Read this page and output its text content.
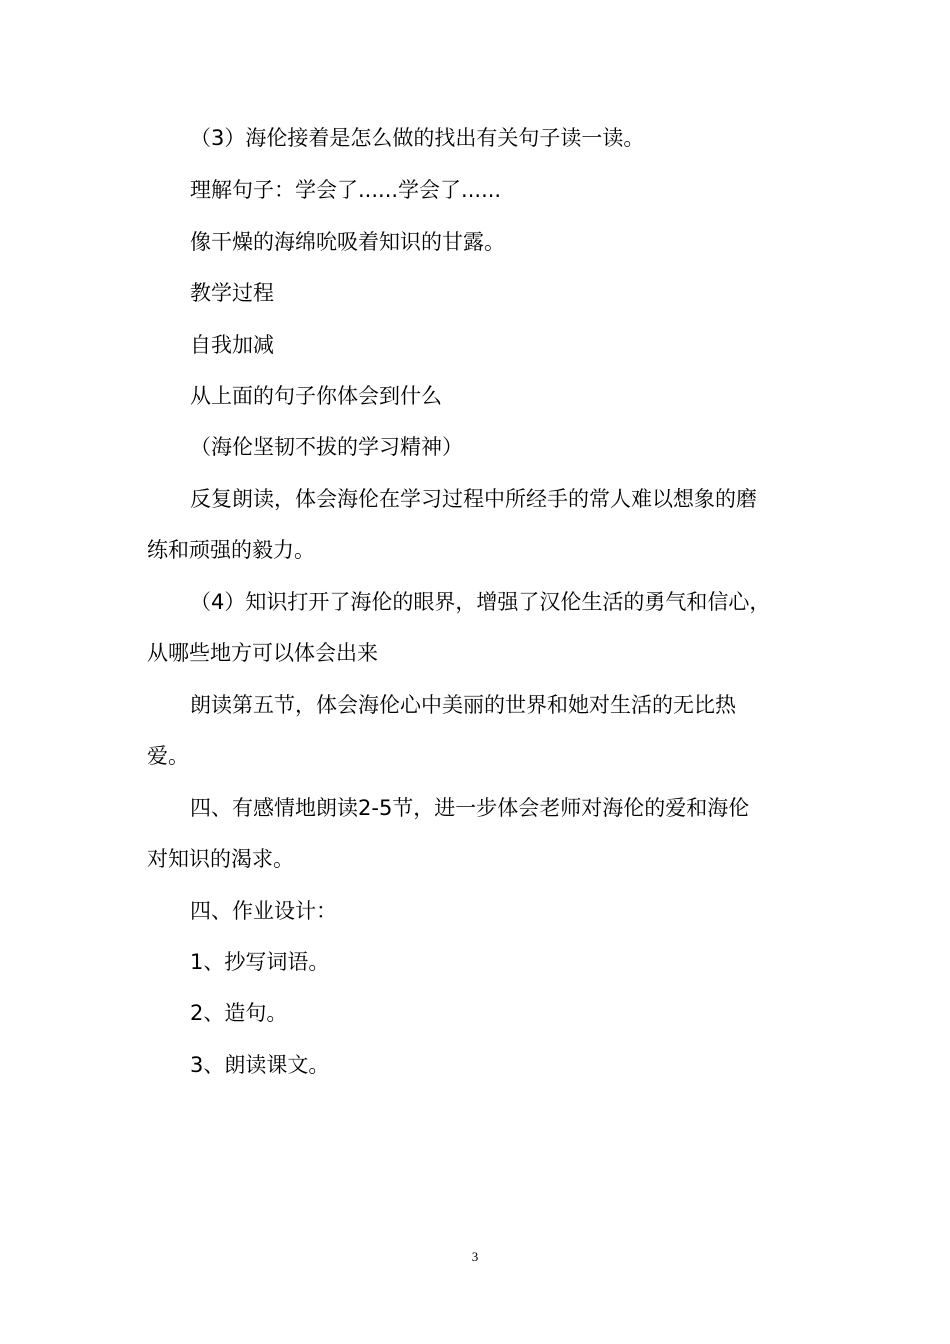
（3）海伦接着是怎么做的找出有关句子读一读。
理解句子：学会了......学会了......
像干燥的海绵吮吸着知识的甘露。
教学过程
自我加减
从上面的句子你体会到什么
（海伦坚韧不拔的学习精神）
反复朗读，体会海伦在学习过程中所经手的常人难以想象的磨
练和顽强的毅力。
（4）知识打开了海伦的眼界，增强了汉伦生活的勇气和信心，
从哪些地方可以体会出来
朗读第五节，体会海伦心中美丽的世界和她对生活的无比热
爱。
四、有感情地朗读2-5节，进一步体会老师对海伦的爱和海伦
对知识的渴求。
四、作业设计：
1、抄写词语。
2、造句。
3、朗读课文。
3
